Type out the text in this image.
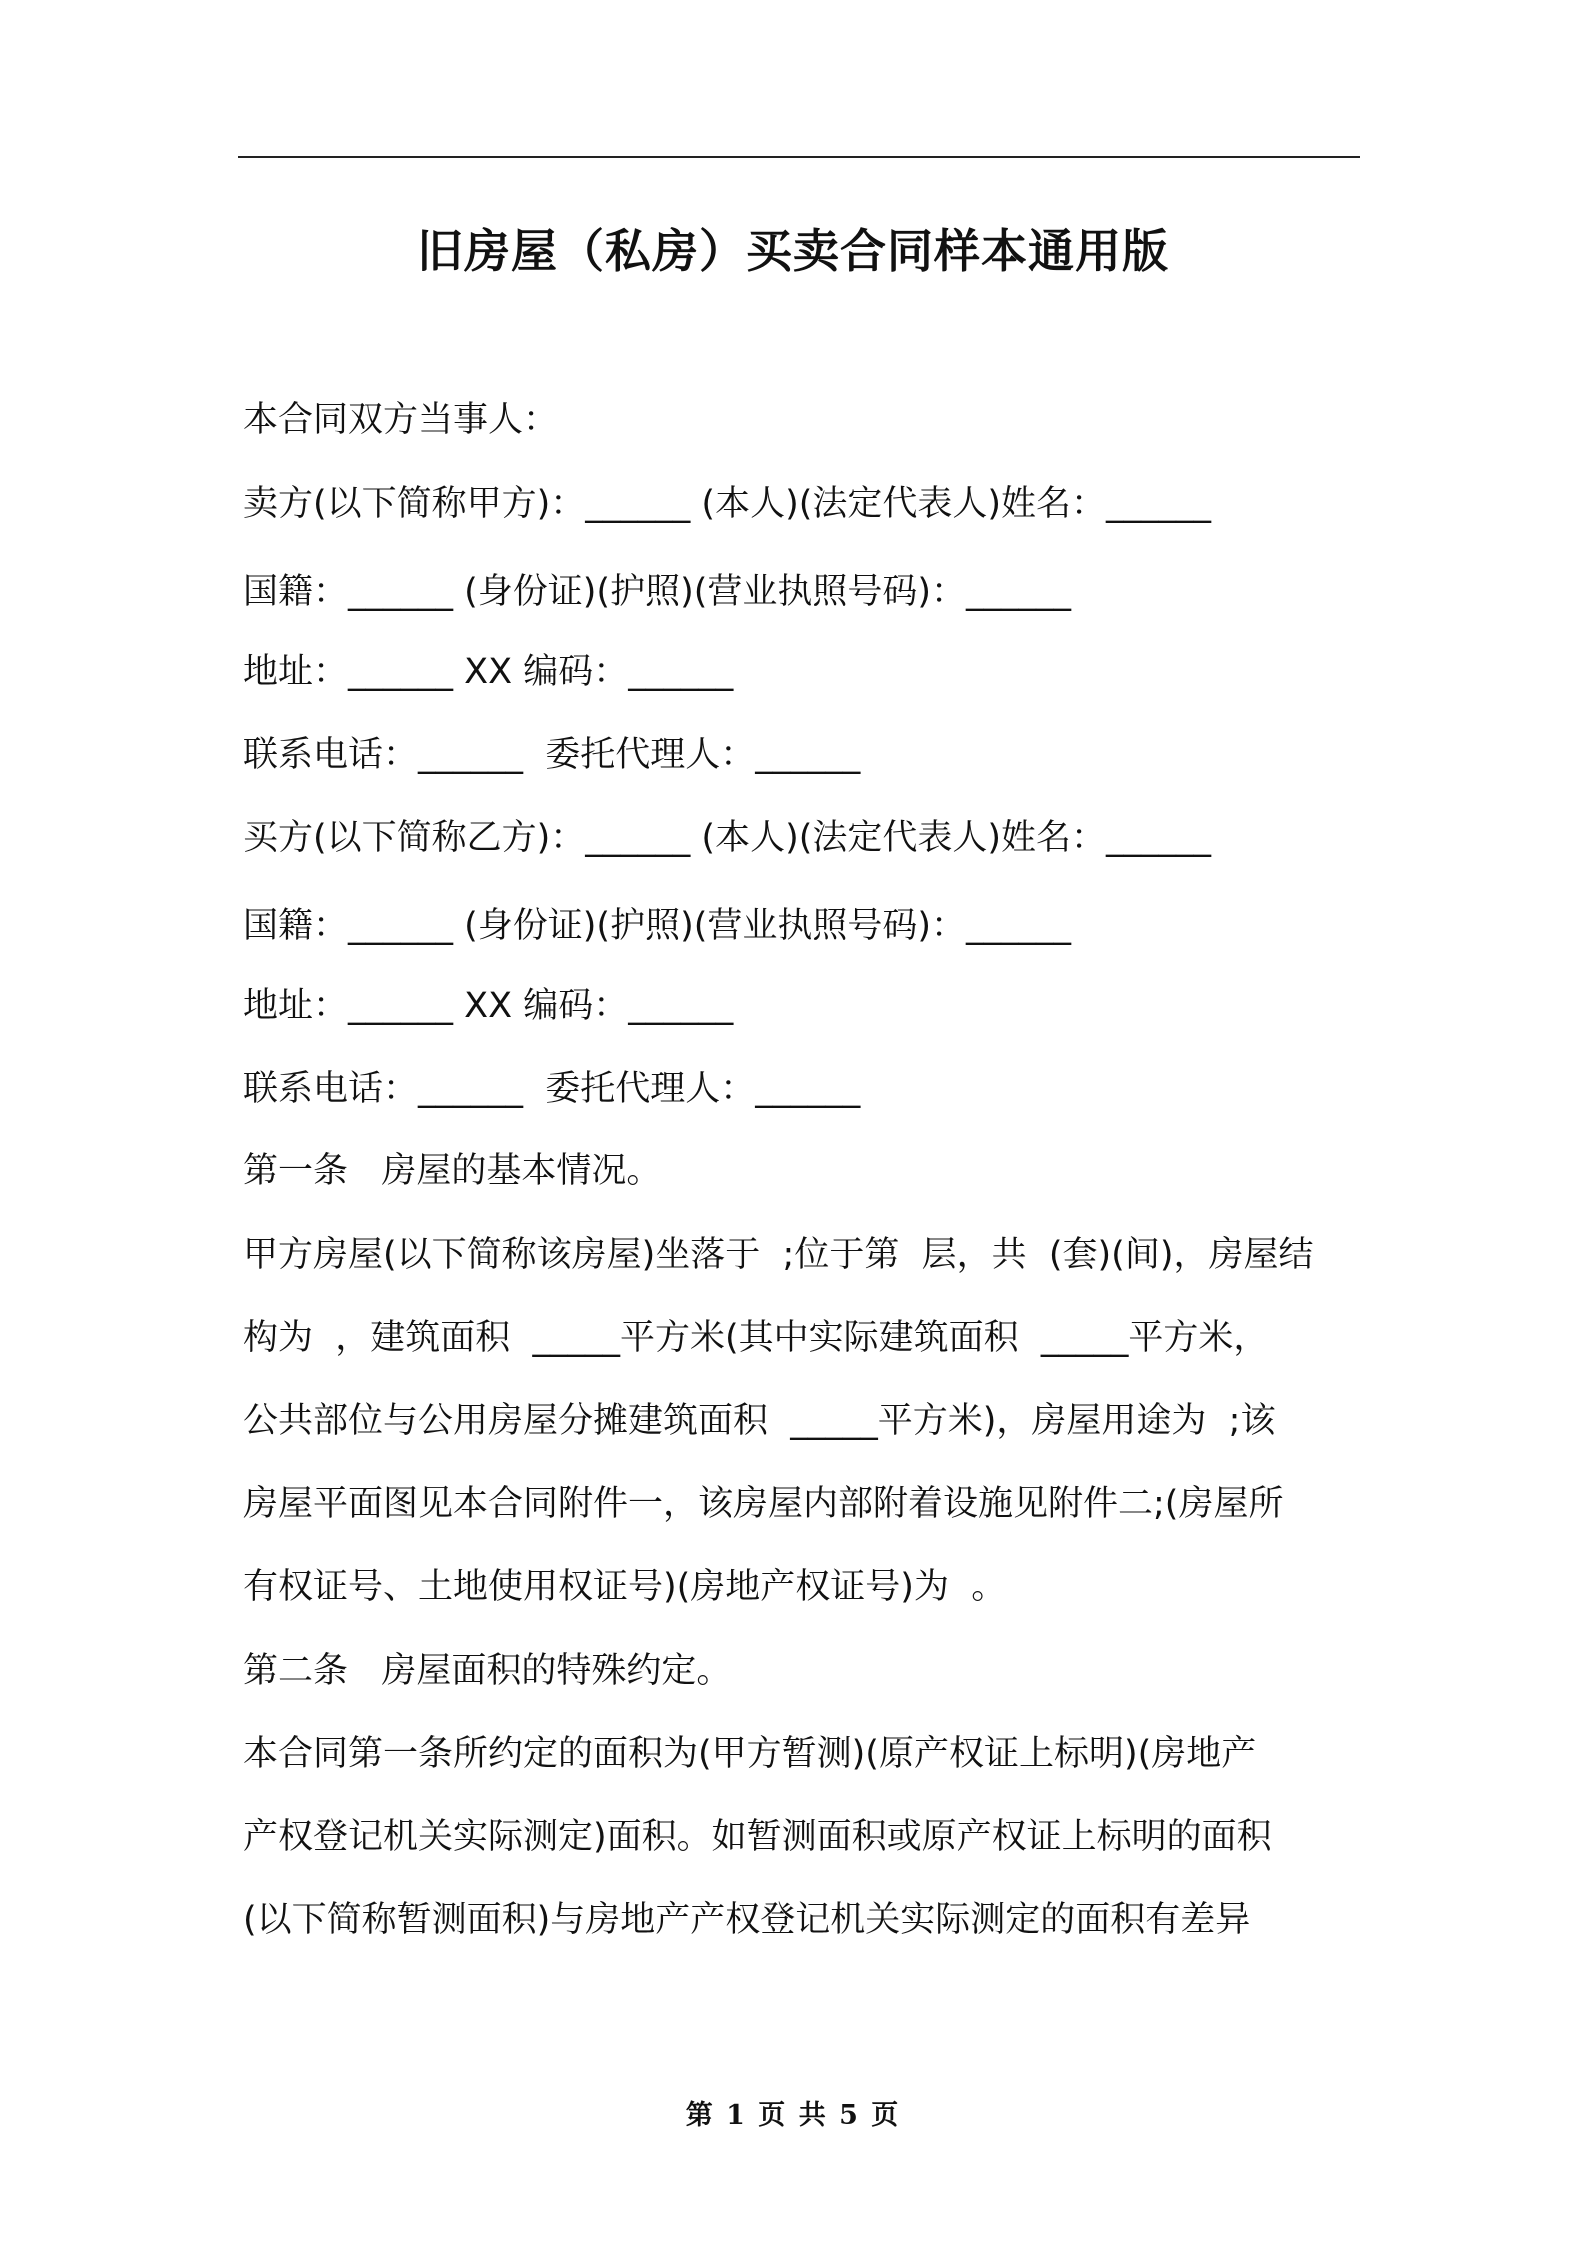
旧房屋（私房）买卖合同样本通用版
本合同双方当事人：
卖方(以下简称甲方)：______ (本人)(法定代表人)姓名：______
国籍：______ (身份证)(护照)(营业执照号码)：______
地址：______ XX 编码：______
联系电话：______  委托代理人：______
买方(以下简称乙方)：______ (本人)(法定代表人)姓名：______
国籍：______ (身份证)(护照)(营业执照号码)：______
地址：______ XX 编码：______
联系电话：______  委托代理人：______
第一条   房屋的基本情况。
甲方房屋(以下简称该房屋)坐落于  ;位于第  层，共  (套)(间)，房屋结
构为  ，建筑面积  _____平方米(其中实际建筑面积  _____平方米，
公共部位与公用房屋分摊建筑面积  _____平方米)，房屋用途为  ;该
房屋平面图见本合同附件一，该房屋内部附着设施见附件二;(房屋所
有权证号、土地使用权证号)(房地产权证号)为  。
第二条   房屋面积的特殊约定。
本合同第一条所约定的面积为(甲方暂测)(原产权证上标明)(房地产
产权登记机关实际测定)面积。如暂测面积或原产权证上标明的面积
(以下简称暂测面积)与房地产产权登记机关实际测定的面积有差异
第 1 页 共 5 页
